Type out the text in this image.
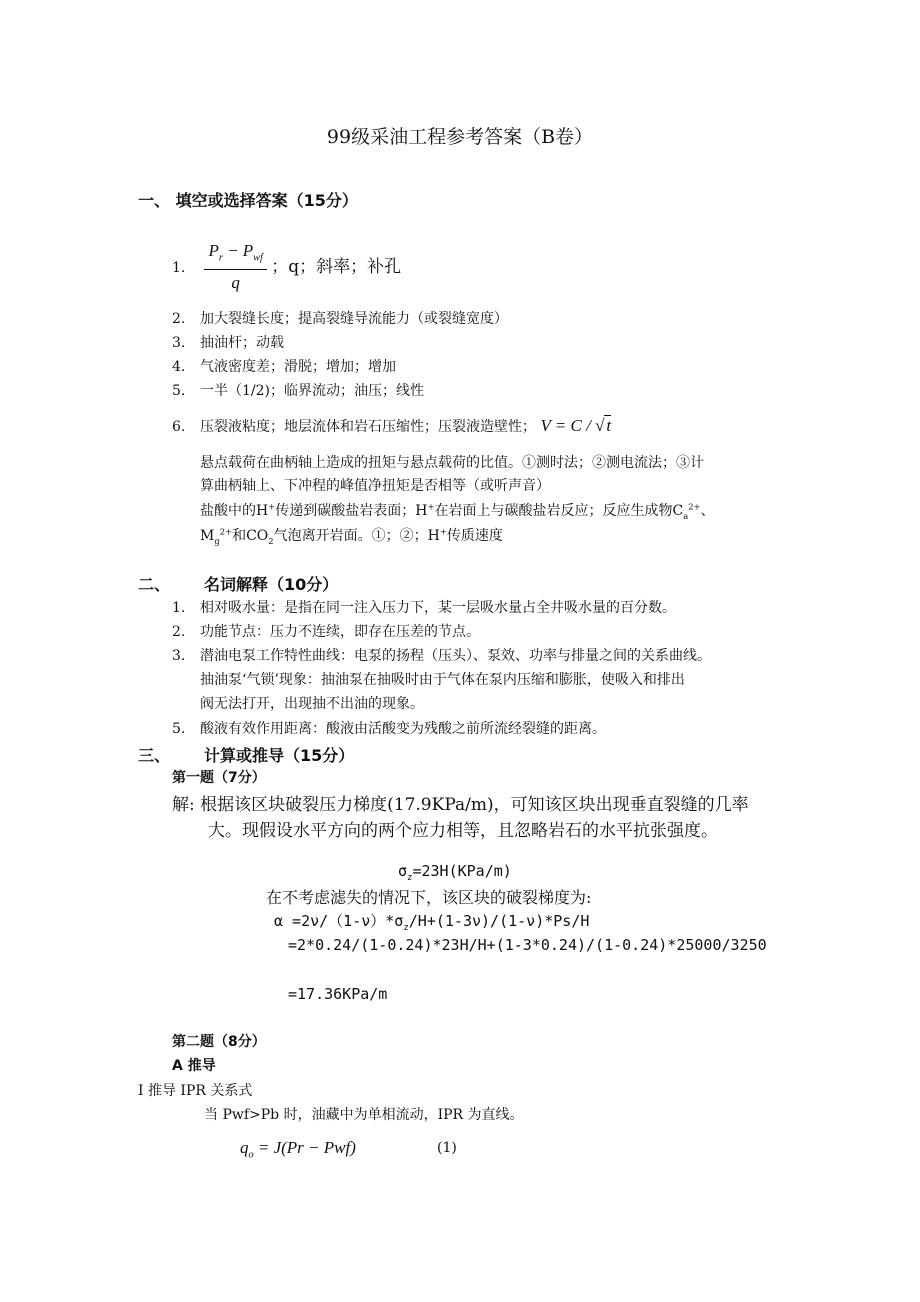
99级采油工程参考答案（B卷）
一、 填空或选择答案（15分）
1. $\frac{P_r - P_{wf}}{q}$ ；q；斜率；补孔
2. 加大裂缝长度；提高裂缝导流能力（或裂缝宽度）
3. 抽油杆；动载
4. 气液密度差；滑脱；增加；增加
5. 一半（1/2)；临界流动；油压；线性
6. 压裂液粘度；地层流体和岩石压缩性；压裂液造壁性； V = C / √ t
悬点载荷在曲柄轴上造成的扭矩与悬点载荷的比值。①测时法；②测电流法；③计
算曲柄轴上、下冲程的峰值净扭矩是否相等（或听声音）
盐酸中的H+传递到碳酸盐岩表面；H+在岩面上与碳酸盐岩反应；反应生成物$C_a^{2+}$、
$M_g^{2+}$和$CO_2$气泡离开岩面。①；②；H+传质速度
二、 名词解释（10分）
1. 相对吸水量：是指在同一注入压力下，某一层吸水量占全井吸水量的百分数。
2. 功能节点：压力不连续，即存在压差的节点。
3. 潜油电泵工作特性曲线：电泵的扬程（压头）、泵效、功率与排量之间的关系曲线。
抽油泵‘气锁’现象：抽油泵在抽吸时由于气体在泵内压缩和膨胀，使吸入和排出
阀无法打开，出现抽不出油的现象。
5. 酸液有效作用距离：酸液由活酸变为残酸之前所流经裂缝的距离。
三、 计算或推导（15分）
第一题（7分）
解: 根据该区块破裂压力梯度(17.9KPa/m)，可知该区块出现垂直裂缝的几率
大。现假设水平方向的两个应力相等，且忽略岩石的水平抗张强度。
$\sigma_z=23H(KPa/m)$
在不考虑滤失的情况下，该区块的破裂梯度为:
$\alpha =2\nu/(1-\nu)*\sigma_z/H+(1-3\nu)/(1-\nu)*Ps/H$
=2*0.24/(1-0.24)*23H/H+(1-3*0.24)/(1-0.24)*25000/3250
=17.36KPa/m
第二题（8分）
A 推导
I 推导 IPR 关系式
当 Pwf>Pb 时，油藏中为单相流动，IPR 为直线。
$q_o = J(Pr - Pwf)$	(1)
